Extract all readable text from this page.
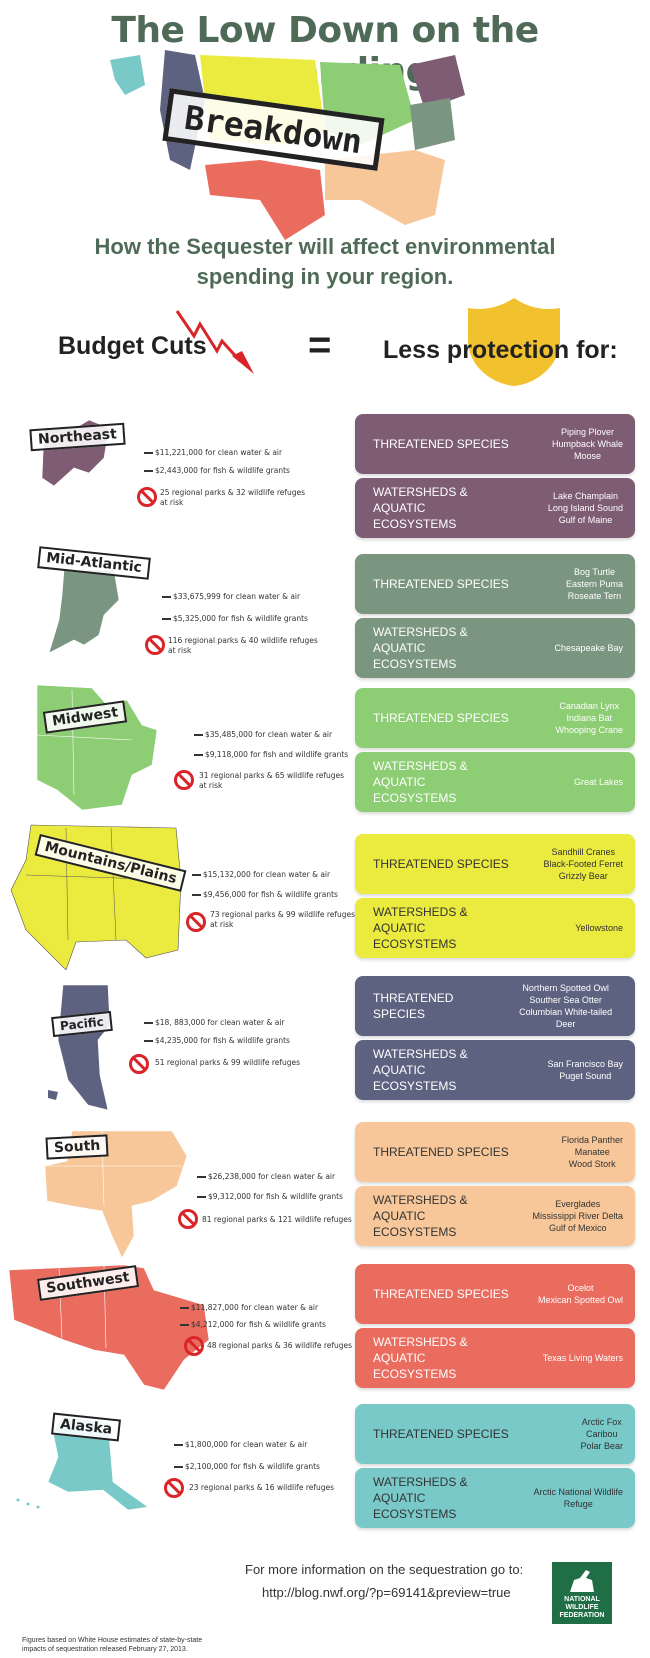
The Low Down on the
Breakdown
How the Sequester will affect environmental
spending in your region.
Budget Cuts	= Less protection for:
Northeast
$11,221,000 for clean water & air
$2,443,000 for fish & wildlife grants
25 regional parks & 32 wildlife refuges
at risk
THREATENED SPECIES
Piping Plover
Humpback Whale
Moose
WATERSHEDS & AQUATIC ECOSYSTEMS
Lake Champlain
Long Island Sound
Gulf of Maine
Mid-Atlantic
$33,675,999 for clean water & air
$5,325,000 for fish & wildlife grants
116 regional parks & 40 wildlife refuges
at risk
THREATENED SPECIES
Bog Turtle
Eastern Puma
Roseate Tern
WATERSHEDS & AQUATIC ECOSYSTEMS
Chesapeake Bay
Midwest
$35,485,000 for clean water & air
$9,118,000 for fish and wildlife grants
31 regional parks & 65 wildlife refuges
at risk
THREATENED SPECIES
Canadian Lynx
Indiana Bat
Whooping Crane
WATERSHEDS & AQUATIC ECOSYSTEMS
Great Lakes
Mountains/Plains	$15,132,000 for clean water & air
$9,456,000 for fish & wildlife grants
73 regional parks & 99 wildlife refuges
at risk
THREATENED SPECIES
Sandhill Cranes
Black-Footed Ferret
Grizzly Bear
WATERSHEDS & AQUATIC ECOSYSTEMS
Yellowstone
Pacific	$18, 883,000 for clean water & air
$4,235,000 for fish & wildlife grants
51 regional parks & 99 wildlife refuges
THREATENED SPECIES
Northern Spotted Owl
Souther Sea Otter
Columbian White-tailed Deer
WATERSHEDS & AQUATIC ECOSYSTEMS
San Francisco Bay
Puget Sound
South
$26,238,000 for clean water & air
$9,312,000 for fish & wildlife grants
81 regional parks & 121 wildlife refuges
THREATENED SPECIES
Florida Panther
Manatee
Wood Stork
WATERSHEDS & AQUATIC ECOSYSTEMS
Everglades
Mississippi River Delta
Gulf of Mexico
Southwest
$11,827,000 for clean water & air
$4,212,000 for fish & wildlife grants
48 regional parks & 36 wildlife refuges
THREATENED SPECIES	Ocelot
Mexican Spotted Owl
WATERSHEDS & AQUATIC ECOSYSTEMS
Texas Living Waters
Alaska
$1,800,000 for clean water & air
$2,100,000 for fish & wildlife grants
23 regional parks & 16 wildlife refuges
THREATENED SPECIES
Arctic Fox
Caribou
Polar Bear
WATERSHEDS & AQUATIC ECOSYSTEMS
Arctic National Wildlife
Refuge
For more information on the sequestration go to:
http://blog.nwf.org/?p=69141&preview=true	NATIONAL
WILDLIFE
FEDERATION
Figures based on White House estimates of state-by-state
impacts of sequestration released February 27, 2013.
